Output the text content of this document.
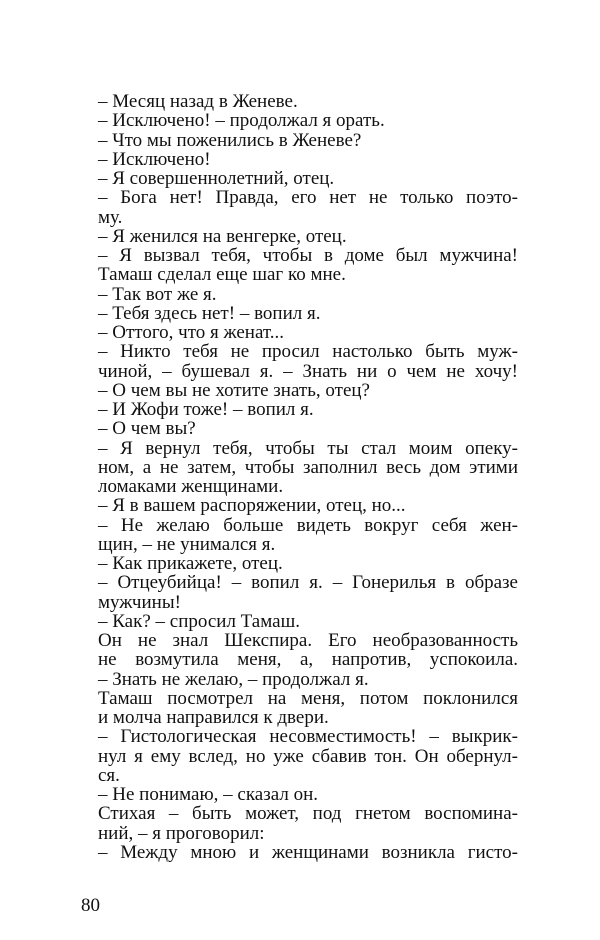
– Месяц назад в Женеве.
– Исключено! – продолжал я орать.
– Что мы поженились в Женеве?
– Исключено!
– Я совершеннолетний, отец.
– Бога нет! Правда, его нет не только поэто-
му.
– Я женился на венгерке, отец.
– Я вызвал тебя, чтобы в доме был мужчина!
Тамаш сделал еще шаг ко мне.
– Так вот же я.
– Тебя здесь нет! – вопил я.
– Оттого, что я женат...
– Никто тебя не просил настолько быть муж-
чиной, – бушевал я. – Знать ни о чем не хочу!
– О чем вы не хотите знать, отец?
– И Жофи тоже! – вопил я.
– О чем вы?
– Я вернул тебя, чтобы ты стал моим опеку-
ном, а не затем, чтобы заполнил весь дом этими
ломаками женщинами.
– Я в вашем распоряжении, отец, но...
– Не желаю больше видеть вокруг себя жен-
щин, – не унимался я.
– Как прикажете, отец.
– Отцеубийца! – вопил я. – Гонерилья в образе
мужчины!
– Как? – спросил Тамаш.
Он не знал Шекспира. Его необразованность
не возмутила меня, а, напротив, успокоила.
– Знать не желаю, – продолжал я.
Тамаш посмотрел на меня, потом поклонился
и молча направился к двери.
– Гистологическая несовместимость! – выкрик-
нул я ему вслед, но уже сбавив тон. Он обернул-
ся.
– Не понимаю, – сказал он.
Стихая – быть может, под гнетом воспомина-
ний, – я проговорил:
– Между мною и женщинами возникла гисто-
80
